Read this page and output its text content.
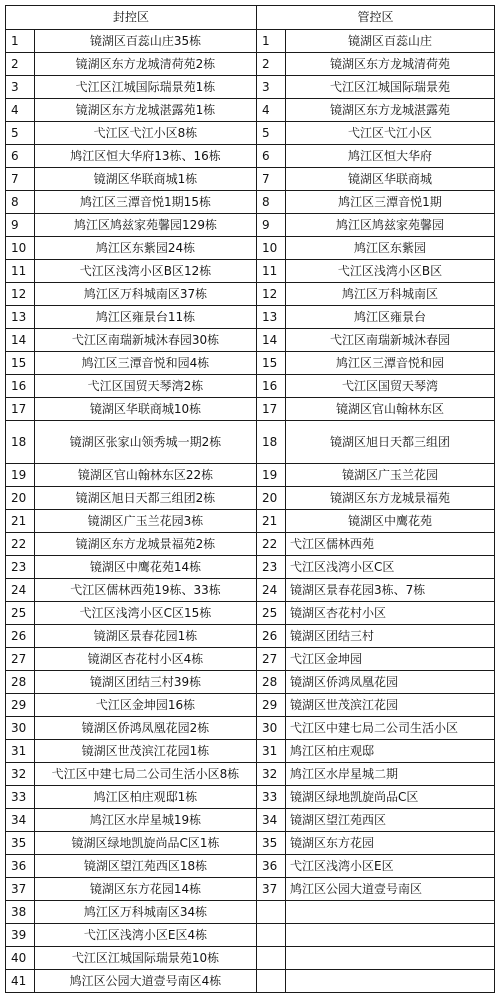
封控区		管控区	
1	镜湖区百蕊山庄35栋	1	镜湖区百蕊山庄
2	镜湖区东方龙城清荷苑2栋	2	镜湖区东方龙城清荷苑
3	弋江区江城国际瑞景苑1栋	3	弋江区江城国际瑞景苑
4	镜湖区东方龙城湛露苑1栋	4	镜湖区东方龙城湛露苑
5	弋江区弋江小区8栋	5	弋江区弋江小区
6	鸠江区恒大华府13栋、16栋	6	鸠江区恒大华府
7	镜湖区华联商城1栋	7	镜湖区华联商城
8	鸠江区三潭音悦1期15栋	8	鸠江区三潭音悦1期
9	鸠江区鸠兹家苑馨园129栋	9	鸠江区鸠兹家苑馨园
10	鸠江区东紫园24栋	10	鸠江区东紫园
11	弋江区浅湾小区B区12栋	11	弋江区浅湾小区B区
12	鸠江区万科城南区37栋	12	鸠江区万科城南区
13	鸠江区雍景台11栋	13	鸠江区雍景台
14	弋江区南瑞新城沐春园30栋	14	弋江区南瑞新城沐春园
15	鸠江区三潭音悦和园4栋	15	鸠江区三潭音悦和园
16	弋江区国贸天琴湾2栋	16	弋江区国贸天琴湾
17	镜湖区华联商城10栋	17	镜湖区官山翰林东区
18	镜湖区张家山领秀城一期2栋	18	镜湖区旭日天都三组团
19	镜湖区官山翰林东区22栋	19	镜湖区广玉兰花园
20	镜湖区旭日天都三组团2栋	20	镜湖区东方龙城景福苑
21	镜湖区广玉兰花园3栋	21	镜湖区中鹰花苑
22	镜湖区东方龙城景福苑2栋	22	弋江区儒林西苑
23	镜湖区中鹰花苑14栋	23	弋江区浅湾小区C区
24	弋江区儒林西苑19栋、33栋	24	镜湖区景春花园3栋、7栋
25	弋江区浅湾小区C区15栋	25	镜湖区杏花村小区
26	镜湖区景春花园1栋	26	镜湖区团结三村
27	镜湖区杏花村小区4栋	27	弋江区金坤园
28	镜湖区团结三村39栋	28	镜湖区侨鸿凤凰花园
29	弋江区金坤园16栋	29	镜湖区世茂滨江花园
30	镜湖区侨鸿凤凰花园2栋	30	弋江区中建七局二公司生活小区
31	镜湖区世茂滨江花园1栋	31	鸠江区柏庄观邸
32	弋江区中建七局二公司生活小区8栋	32	鸠江区水岸星城二期
33	鸠江区柏庄观邸1栋	33	镜湖区绿地凯旋尚品C区
34	鸠江区水岸星城19栋	34	镜湖区望江苑西区
35	镜湖区绿地凯旋尚品C区1栋	35	镜湖区东方花园
36	镜湖区望江苑西区18栋	36	弋江区浅湾小区E区
37	镜湖区东方花园14栋	37	鸠江区公园大道壹号南区
38	鸠江区万科城南区34栋		
39	弋江区浅湾小区E区4栋		
40	弋江区江城国际瑞景苑10栋		
41	鸠江区公园大道壹号南区4栋		
